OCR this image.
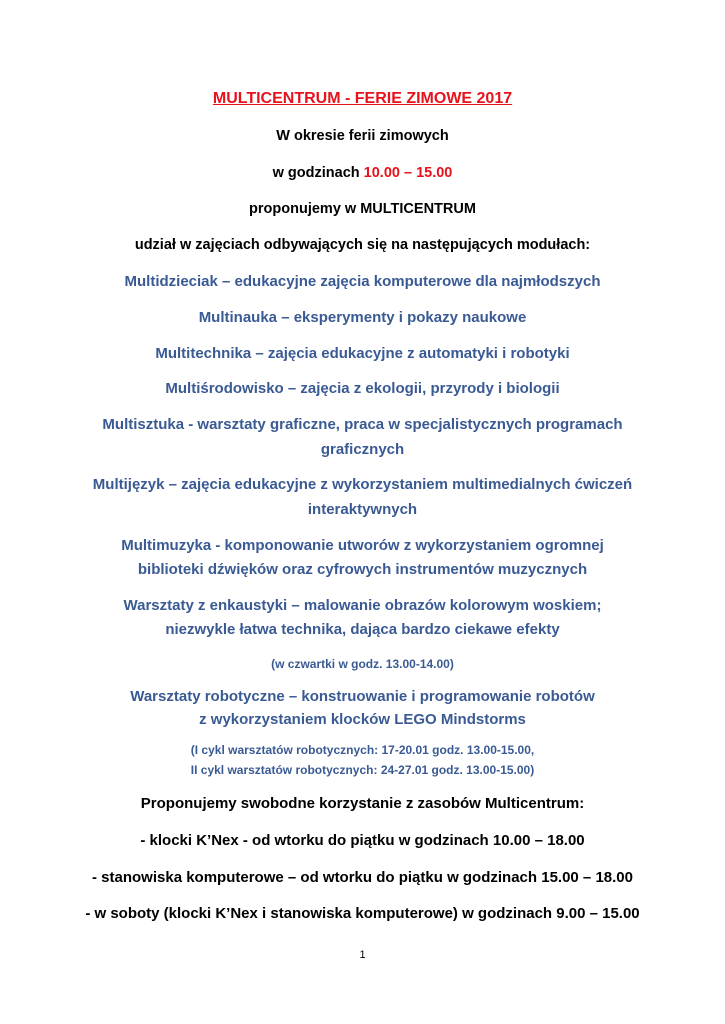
MULTICENTRUM - FERIE ZIMOWE 2017
W okresie ferii zimowych
w godzinach 10.00 – 15.00
proponujemy w MULTICENTRUM
udział w zajęciach odbywających się na następujących modułach:
Multidzieciak – edukacyjne zajęcia komputerowe dla najmłodszych
Multinauka – eksperymenty i pokazy naukowe
Multitechnika – zajęcia edukacyjne z automatyki i robotyki
Multiśrodowisko – zajęcia z ekologii, przyrody i biologii
Multisztuka - warsztaty graficzne, praca w specjalistycznych programach
graficznych
Multijęzyk – zajęcia edukacyjne z wykorzystaniem multimedialnych ćwiczeń
interaktywnych
Multimuzyka - komponowanie utworów z wykorzystaniem ogromnej
biblioteki dźwięków oraz cyfrowych instrumentów muzycznych
Warsztaty z enkaustyki – malowanie obrazów kolorowym woskiem;
niezwykle łatwa technika, dająca bardzo ciekawe efekty
(w czwartki w godz. 13.00-14.00)
Warsztaty robotyczne – konstruowanie i programowanie robotów
z wykorzystaniem klocków LEGO Mindstorms
(I cykl warsztatów robotycznych: 17-20.01 godz. 13.00-15.00,
II cykl warsztatów robotycznych: 24-27.01 godz. 13.00-15.00)
Proponujemy swobodne korzystanie z zasobów Multicentrum:
- klocki K’Nex - od wtorku do piątku w godzinach 10.00 – 18.00
- stanowiska komputerowe – od wtorku do piątku w godzinach 15.00 – 18.00
- w soboty (klocki K’Nex i stanowiska komputerowe) w godzinach 9.00 – 15.00
1
